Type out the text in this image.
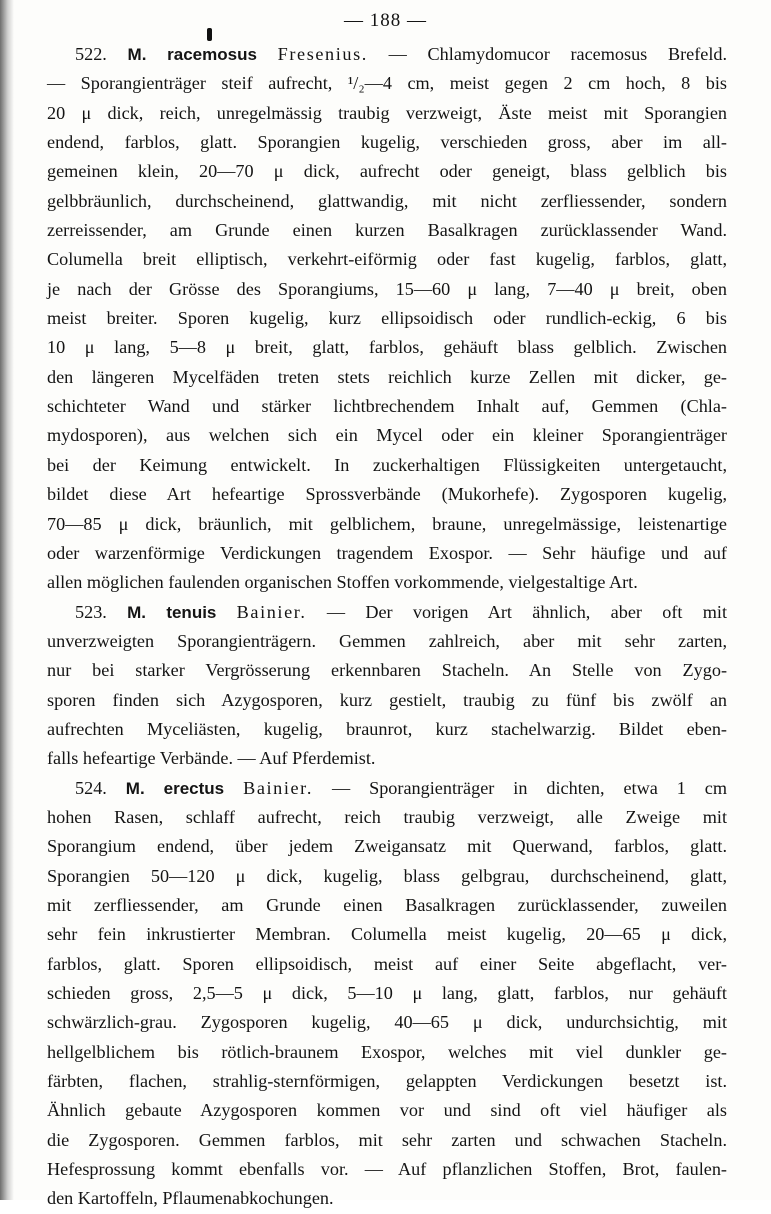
— 188 —
522. M. racemosus Fresenius. — Chlamydomucor racemosus Brefeld.
— Sporangienträger steif aufrecht, ¹/₂—4 cm, meist gegen 2 cm hoch, 8 bis
20 μ dick, reich, unregelmässig traubig verzweigt, Äste meist mit Sporangien
endend, farblos, glatt. Sporangien kugelig, verschieden gross, aber im all-
gemeinen klein, 20—70 μ dick, aufrecht oder geneigt, blass gelblich bis
gelbbräunlich, durchscheinend, glattwandig, mit nicht zerfliessender, sondern
zerreissender, am Grunde einen kurzen Basalkragen zurücklassender Wand.
Columella breit elliptisch, verkehrt-eiförmig oder fast kugelig, farblos, glatt,
je nach der Grösse des Sporangiums, 15—60 μ lang, 7—40 μ breit, oben
meist breiter. Sporen kugelig, kurz ellipsoidisch oder rundlich-eckig, 6 bis
10 μ lang, 5—8 μ breit, glatt, farblos, gehäuft blass gelblich. Zwischen
den längeren Mycelfäden treten stets reichlich kurze Zellen mit dicker, ge-
schichteter Wand und stärker lichtbrechendem Inhalt auf, Gemmen (Chla-
mydosporen), aus welchen sich ein Mycel oder ein kleiner Sporangienträger
bei der Keimung entwickelt. In zuckerhaltigen Flüssigkeiten untergetaucht,
bildet diese Art hefeartige Sprossverbände (Mukorhefe). Zygosporen kugelig,
70—85 μ dick, bräunlich, mit gelblichem, braune, unregelmässige, leistenartige
oder warzenförmige Verdickungen tragendem Exospor. — Sehr häufige und auf
allen möglichen faulenden organischen Stoffen vorkommende, vielgestaltige Art.
523. M. tenuis Bainier. — Der vorigen Art ähnlich, aber oft mit
unverzweigten Sporangienträgern. Gemmen zahlreich, aber mit sehr zarten,
nur bei starker Vergrösserung erkennbaren Stacheln. An Stelle von Zygo-
sporen finden sich Azygosporen, kurz gestielt, traubig zu fünf bis zwölf an
aufrechten Myceliästen, kugelig, braunrot, kurz stachelwarzig. Bildet eben-
falls hefeartige Verbände. — Auf Pferdemist.
524. M. erectus Bainier. — Sporangienträger in dichten, etwa 1 cm
hohen Rasen, schlaff aufrecht, reich traubig verzweigt, alle Zweige mit
Sporangium endend, über jedem Zweigansatz mit Querwand, farblos, glatt.
Sporangien 50—120 μ dick, kugelig, blass gelbgrau, durchscheinend, glatt,
mit zerfliessender, am Grunde einen Basalkragen zurücklassender, zuweilen
sehr fein inkrustierter Membran. Columella meist kugelig, 20—65 μ dick,
farblos, glatt. Sporen ellipsoidisch, meist auf einer Seite abgeflacht, ver-
schieden gross, 2,5—5 μ dick, 5—10 μ lang, glatt, farblos, nur gehäuft
schwärzlich-grau. Zygosporen kugelig, 40—65 μ dick, undurchsichtig, mit
hellgelblichem bis rötlich-braunem Exospor, welches mit viel dunkler ge-
färbten, flachen, strahlig-sternförmigen, gelappten Verdickungen besetzt ist.
Ähnlich gebaute Azygosporen kommen vor und sind oft viel häufiger als
die Zygosporen. Gemmen farblos, mit sehr zarten und schwachen Stacheln.
Hefesprossung kommt ebenfalls vor. — Auf pflanzlichen Stoffen, Brot, faulen-
den Kartoffeln, Pflaumenabkochungen.
